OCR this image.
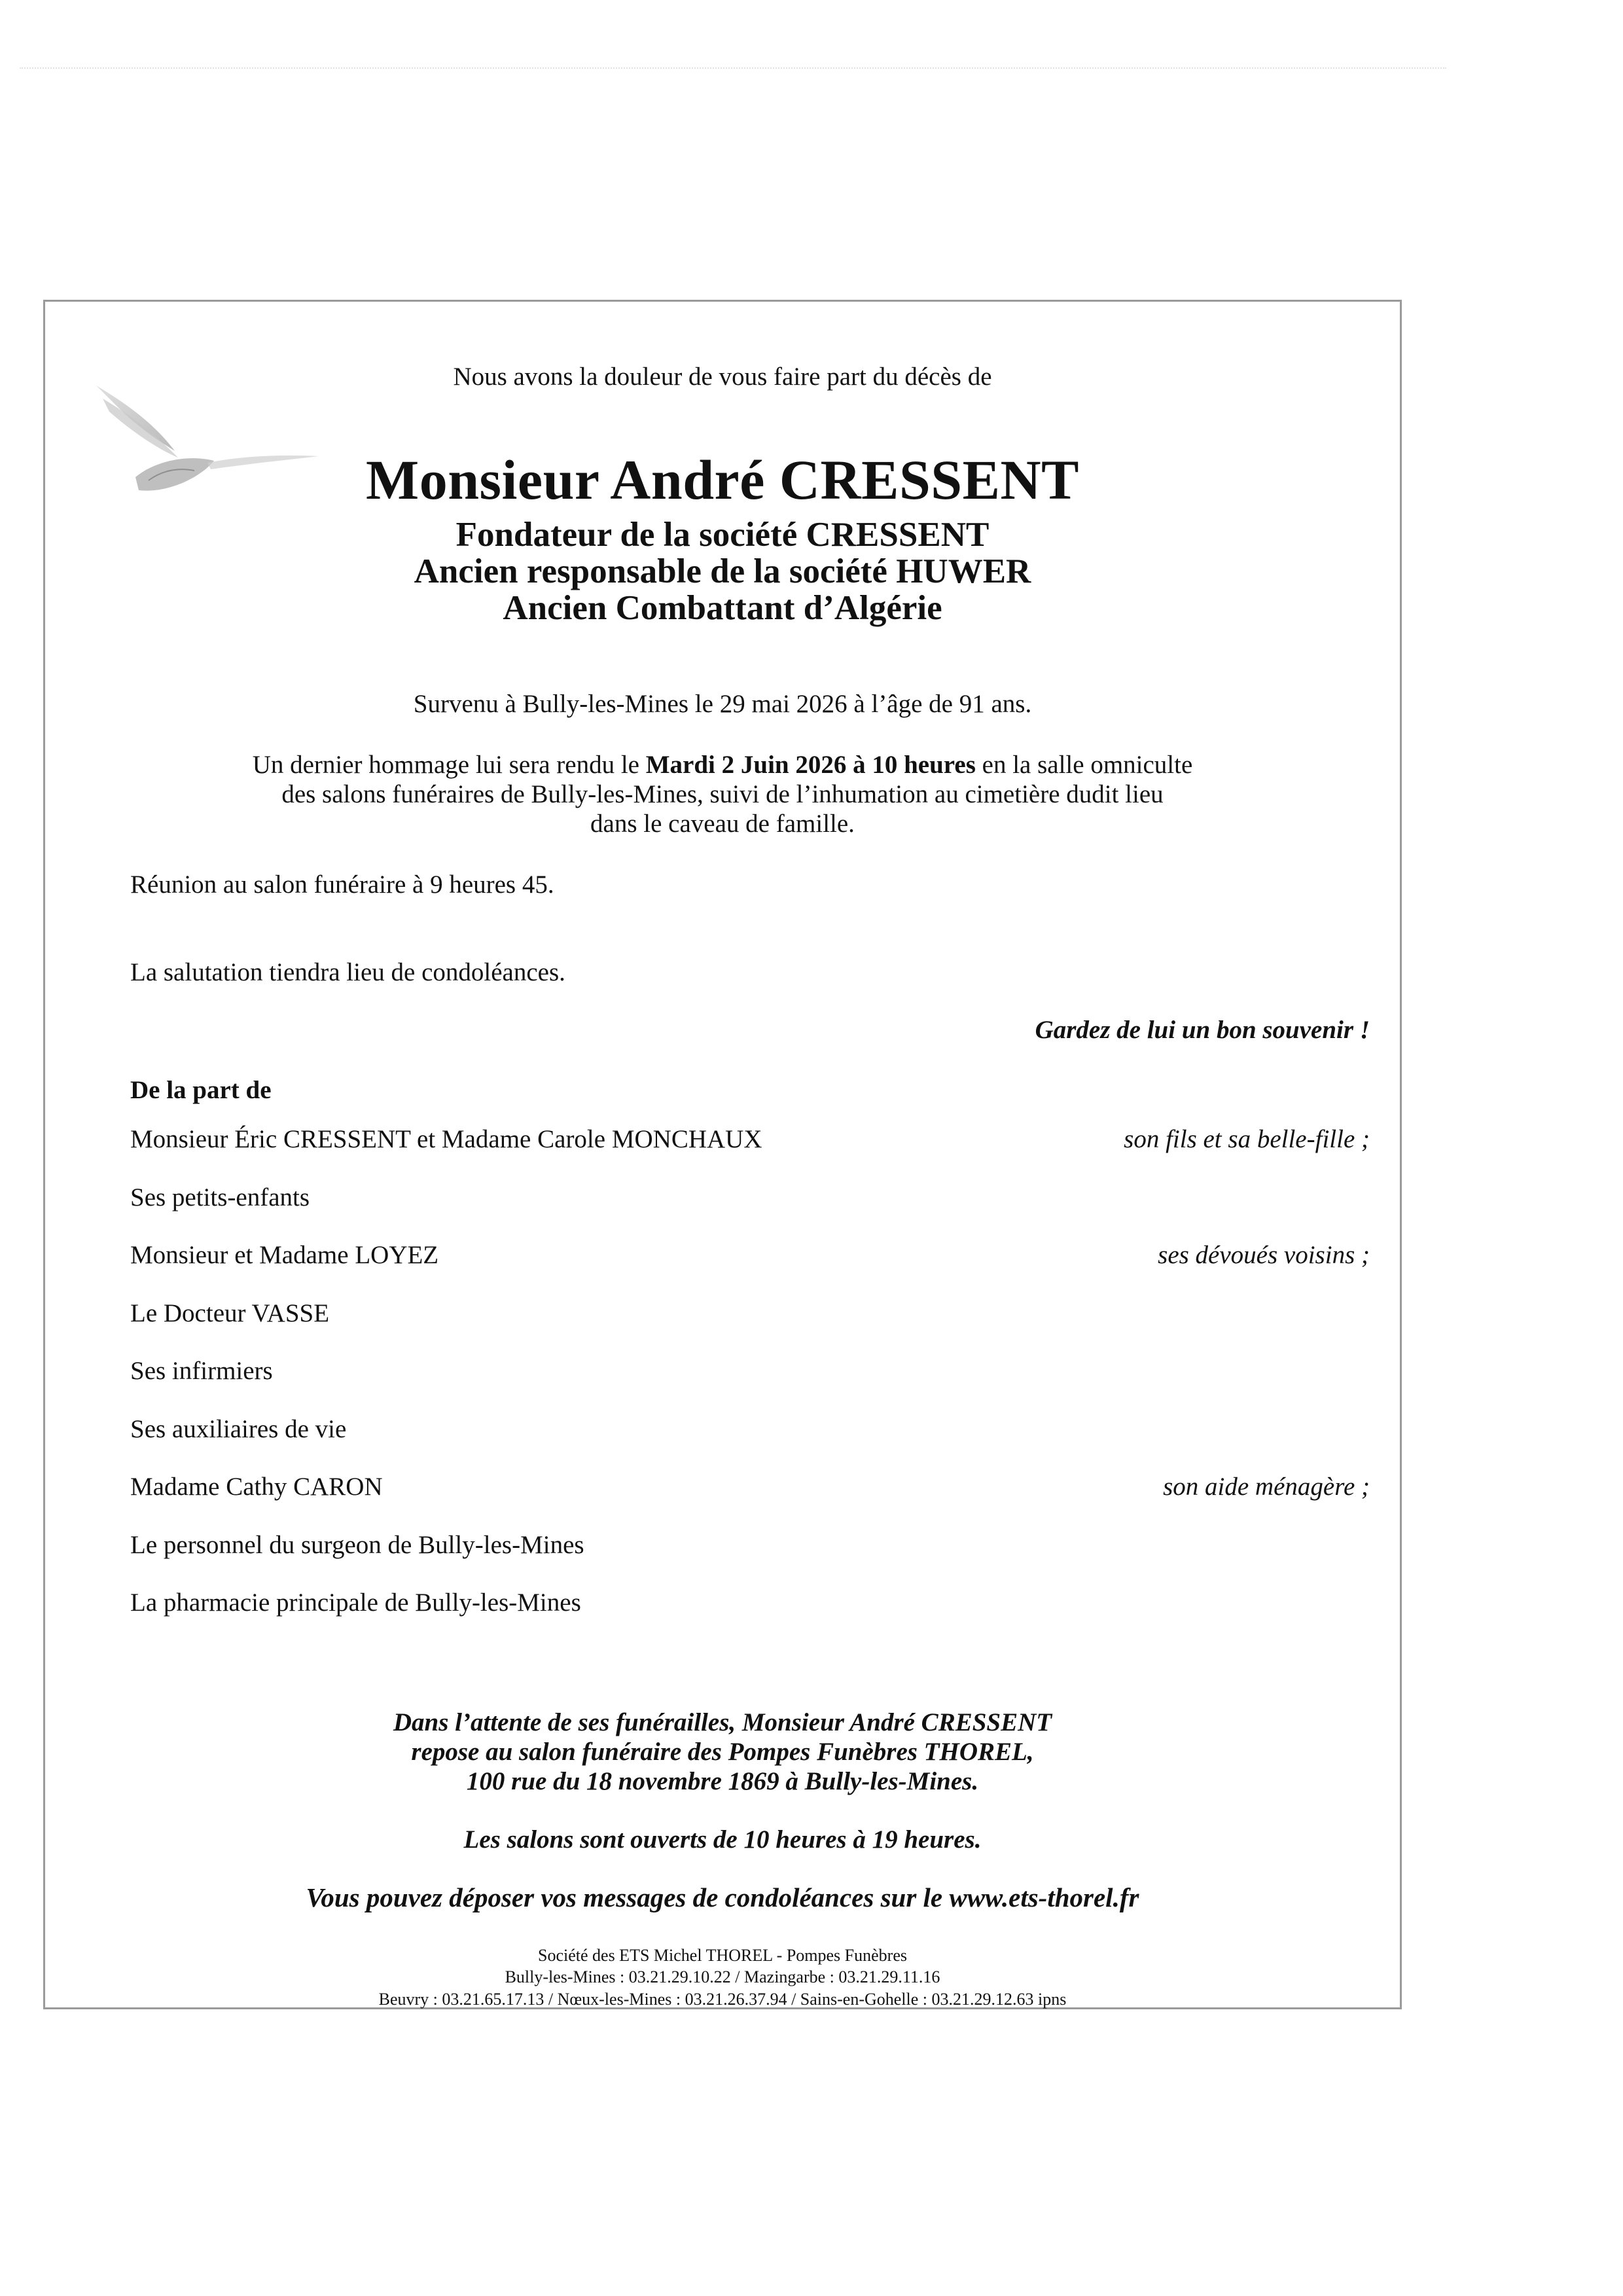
Nous avons la douleur de vous faire part du décès de
Monsieur André CRESSENT
Fondateur de la société CRESSENT
Ancien responsable de la société HUWER
Ancien Combattant d’Algérie
Survenu à Bully-les-Mines le 29 mai 2026 à l’âge de 91 ans.
Un dernier hommage lui sera rendu le Mardi 2 Juin 2026 à 10 heures en la salle omniculte
des salons funéraires de Bully-les-Mines, suivi de l’inhumation au cimetière dudit lieu
dans le caveau de famille.
Réunion au salon funéraire à 9 heures 45.
La salutation tiendra lieu de condoléances.
Gardez de lui un bon souvenir !
De la part de
Monsieur Éric CRESSENT et Madame Carole MONCHAUX	son fils et sa belle-fille ;
Ses petits-enfants
Monsieur et Madame LOYEZ	ses dévoués voisins ;
Le Docteur VASSE
Ses infirmiers
Ses auxiliaires de vie
Madame Cathy CARON	son aide ménagère ;
Le personnel du surgeon de Bully-les-Mines
La pharmacie principale de Bully-les-Mines
Dans l’attente de ses funérailles, Monsieur André CRESSENT
repose au salon funéraire des Pompes Funèbres THOREL,
100 rue du 18 novembre 1869 à Bully-les-Mines.
Les salons sont ouverts de 10 heures à 19 heures.
Vous pouvez déposer vos messages de condoléances sur le www.ets-thorel.fr
Société des ETS Michel THOREL - Pompes Funèbres
Bully-les-Mines : 03.21.29.10.22 / Mazingarbe : 03.21.29.11.16
Beuvry : 03.21.65.17.13 / Nœux-les-Mines : 03.21.26.37.94 / Sains-en-Gohelle : 03.21.29.12.63 ipns
